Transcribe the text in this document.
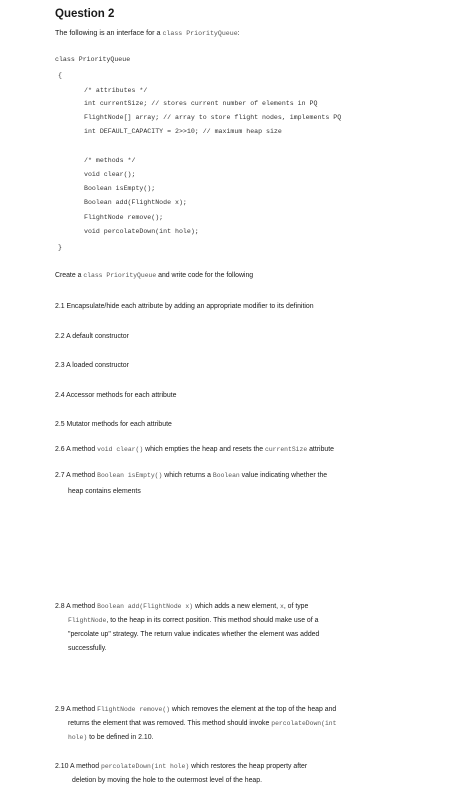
Question 2
The following is an interface for a class PriorityQueue:
class PriorityQueue
{
/* attributes */
int currentSize; // stores current number of elements in PQ
FlightNode[] array; // array to store flight nodes, implements PQ
int DEFAULT_CAPACITY = 2>>10; // maximum heap size
/* methods */
void clear();
Boolean isEmpty();
Boolean add(FlightNode x);
FlightNode remove();
void percolateDown(int hole);
}
Create a class PriorityQueue and write code for the following
2.1 Encapsulate/hide each attribute by adding an appropriate modifier to its definition
2.2 A default constructor
2.3 A loaded constructor
2.4 Accessor methods for each attribute
2.5 Mutator methods for each attribute
2.6 A method void clear() which empties the heap and resets the currentSize attribute
2.7 A method Boolean isEmpty() which returns a Boolean value indicating whether the
heap contains elements
2.8 A method Boolean add(FlightNode x) which adds a new element, x, of type
FlightNode, to the heap in its correct position. This method should make use of a
"percolate up" strategy. The return value indicates whether the element was added
successfully.
2.9 A method FlightNode remove() which removes the element at the top of the heap and
returns the element that was removed. This method should invoke percolateDown(int
hole) to be defined in 2.10.
2.10 A method percolateDown(int hole) which restores the heap property after
deletion by moving the hole to the outermost level of the heap.
